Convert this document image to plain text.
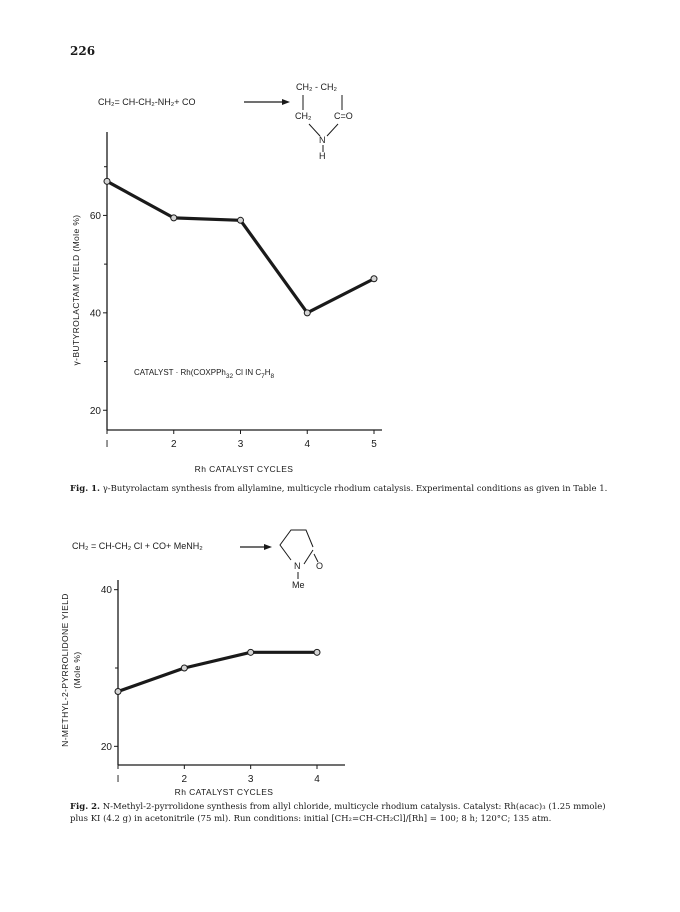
226
CH₂= CH-CH₂-NH₂+ CO
CH₂ - CH₂
CH₂	C=O
N
H
20
40
60
I	2	3	4	5
Rh CATALYST CYCLES
γ-BUTYROLACTAM YIELD (Mole %)
CATALYST · Rh(COXPPh$_3$2 Cl IN $C_7H_8$
Fig. 1. γ-Butyrolactam synthesis from allylamine, multicycle rhodium catalysis. Experimental conditions as given in Table 1.
CH₂ = CH-CH₂ Cl + CO+ MeNH₂
N O
Me
20
40
I	2	3	4
Rh CATALYST CYCLES
N-METHYL-2-PYRROLIDONE YIELD (Mole %)
Fig. 2. N-Methyl-2-pyrrolidone synthesis from allyl chloride, multicycle rhodium catalysis. Catalyst: Rh(acac)₃ (1.25 mmole) plus KI (4.2 g) in acetonitrile (75 ml). Run conditions: initial [CH₂=CH-CH₂Cl]/[Rh] = 100; 8 h; 120°C; 135 atm.
